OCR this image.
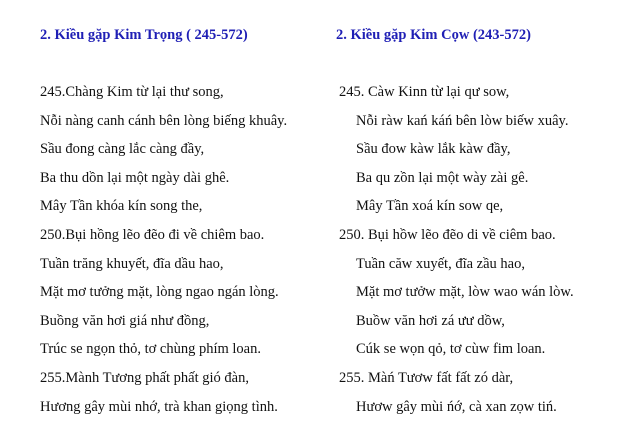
2. Kiều gặp Kim Trọng ( 245-572)
245.Chàng Kim từ lại thư song,
Nỗi nàng canh cánh bên lòng biếng khuây.
Sầu đong càng lắc càng đầy,
Ba thu dồn lại một ngày dài ghê.
Mây Tần khóa kín song the,
250.Bụi hồng lẽo đẽo đi về chiêm bao.
Tuần trăng khuyết, đĩa dầu hao,
Mặt mơ tưởng mặt, lòng ngao ngán lòng.
Buồng văn hơi giá như đồng,
Trúc se ngọn thỏ, tơ chùng phím loan.
255.Mành Tương phất phất gió đàn,
Hương gây mùi nhớ, trà khan giọng tình.
2. Kiều gặp Kim Cọw (243-572)
245. Càw Kinn từ lại qư sow,
Nỗi ràw kań káń bên lòw biếw xuây.
Sầu đow kàw lắk kàw đầy,
Ba qu zồn lại một wày zài gê.
Mây Tần xoá kín sow qe,
250. Bụi hồw lẽo đẽo di về ciêm bao.
Tuần căw xuyết, đĩa zầu hao,
Mặt mơ tưởw mặt, lòw wao wán lòw.
Buồw văn hơi zá ưư dồw,
Cúk se wọn qỏ, tơ cùw fim loan.
255. Màń Tươw fất fất zó dàr,
Hươw gây mùi ńớ, cà xan zọw tiń.
